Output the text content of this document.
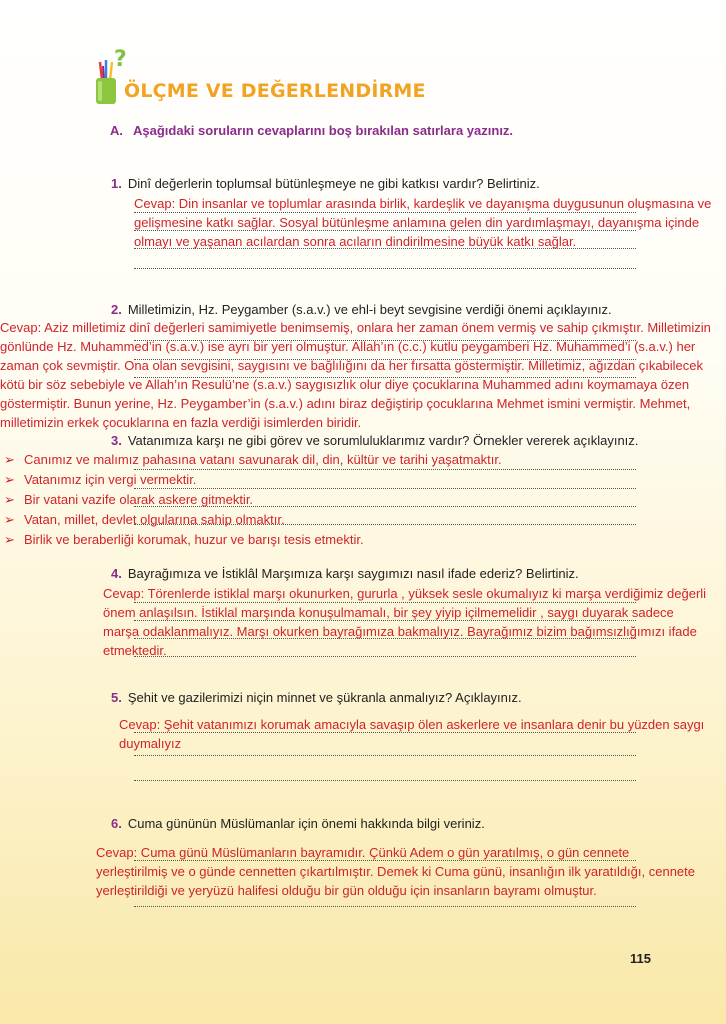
?
ÖLÇME VE DEĞERLENDİRME
A. Aşağıdaki soruların cevaplarını boş bırakılan satırlara yazınız.
1. Dinî değerlerin toplumsal bütünleşmeye ne gibi katkısı vardır? Belirtiniz.
Cevap: Din insanlar ve toplumlar arasında birlik, kardeşlik ve dayanışma duygusunun oluşmasına ve gelişmesine katkı sağlar. Sosyal bütünleşme anlamına gelen din yardımlaşmayı, dayanışma içinde olmayı ve yaşanan acılardan sonra acıların dindirilmesine büyük katkı sağlar.
2. Milletimizin, Hz. Peygamber (s.a.v.) ve ehl-i beyt sevgisine verdiği önemi açıklayınız.
Cevap: Aziz milletimiz dinî değerleri samimiyetle benimsemiş, onlara her zaman önem vermiş ve sahip çıkmıştır. Milletimizin gönlünde Hz. Muhammed’in (s.a.v.) ise ayrı bir yeri olmuştur. Allah’ın (c.c.) kutlu peygamberi Hz. Muhammed’i (s.a.v.) her zaman çok sevmiştir. Ona olan sevgisini, saygısını ve bağlılığını da her fırsatta göstermiştir. Milletimiz, ağızdan çıkabilecek kötü bir söz sebebiyle ve Allah’ın Resulü’ne (s.a.v.) saygısızlık olur diye çocuklarına Muhammed adını koymamaya özen göstermiştir. Bunun yerine, Hz. Peygamber’in (s.a.v.) adını biraz değiştirip çocuklarına Mehmet ismini vermiştir. Mehmet, milletimizin erkek çocuklarına en fazla verdiği isimlerden biridir.
3. Vatanımıza karşı ne gibi görev ve sorumluluklarımız vardır? Örnekler vererek açıklayınız.
➢ Canımız ve malımız pahasına vatanı savunarak dil, din, kültür ve tarihi yaşatmaktır.
➢ Vatanımız için vergi vermektir.
➢ Bir vatani vazife olarak askere gitmektir.
➢ Vatan, millet, devlet olgularına sahip olmaktır.
➢ Birlik ve beraberliği korumak, huzur ve barışı tesis etmektir.
4. Bayrağımıza ve İstiklâl Marşımıza karşı saygımızı nasıl ifade ederiz? Belirtiniz.
Cevap: Törenlerde istiklal marşı okunurken, gururla , yüksek sesle okumalıyız ki marşa verdiğimiz değerli önem anlaşılsın. İstiklal marşında konuşulmamalı, bir şey yiyip içilmemelidir , saygı duyarak sadece marşa odaklanmalıyız. Marşı okurken bayrağımıza bakmalıyız. Bayrağımız bizim bağımsızlığımızı ifade etmektedir.
5. Şehit ve gazilerimizi niçin minnet ve şükranla anmalıyız? Açıklayınız.
Cevap: Şehit vatanımızı korumak amacıyla savaşıp ölen askerlere ve insanlara denir bu yüzden saygı duymalıyız
6. Cuma gününün Müslümanlar için önemi hakkında bilgi veriniz.
Cevap: Cuma günü Müslümanların bayramıdır. Çünkü Adem o gün yaratılmış, o gün cennete yerleştirilmiş ve o günde cennetten çıkartılmıştır. Demek ki Cuma günü, insanlığın ilk yaratıldığı, cennete yerleştirildiği ve yeryüzü halifesi olduğu bir gün olduğu için insanların bayramı olmuştur.
115
